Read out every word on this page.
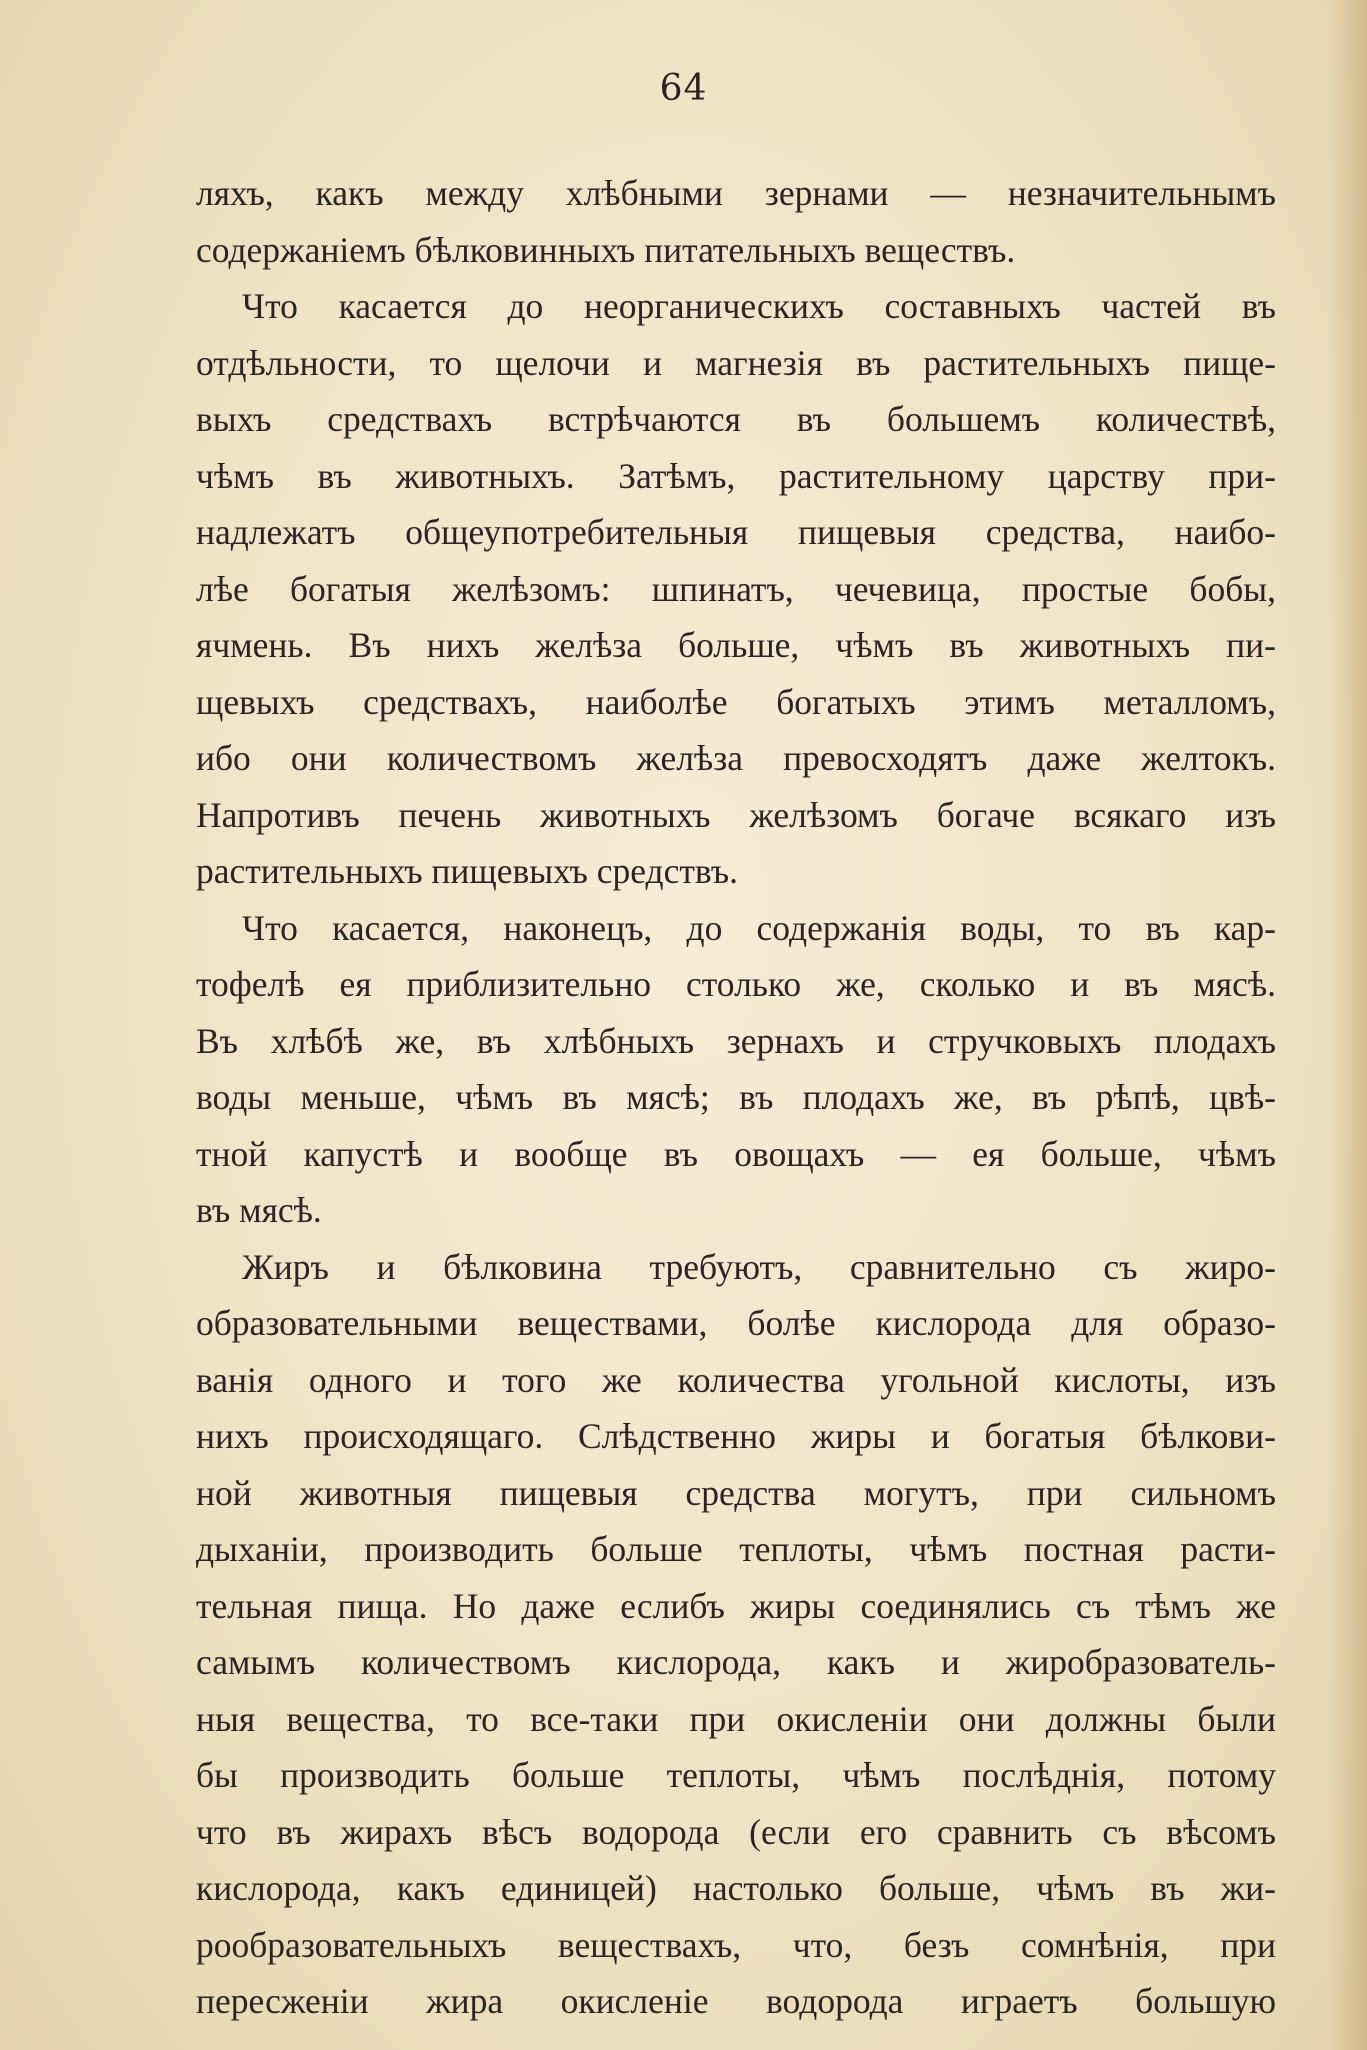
64
ляхъ, какъ между хлѣбными зернами — незначительнымъ
содержаніемъ бѣлковинныхъ питательныхъ веществъ.
Что касается до неорганическихъ составныхъ частей въ
отдѣльности, то щелочи и магнезія въ растительныхъ пище-
выхъ средствахъ встрѣчаются въ большемъ количествѣ,
чѣмъ въ животныхъ. Затѣмъ, растительному царству при-
надлежатъ общеупотребительныя пищевыя средства, наибо-
лѣе богатыя желѣзомъ: шпинатъ, чечевица, простые бобы,
ячмень. Въ нихъ желѣза больше, чѣмъ въ животныхъ пи-
щевыхъ средствахъ, наиболѣе богатыхъ этимъ металломъ,
ибо они количествомъ желѣза превосходятъ даже желтокъ.
Напротивъ печень животныхъ желѣзомъ богаче всякаго изъ
растительныхъ пищевыхъ средствъ.
Что касается, наконецъ, до содержанія воды, то въ кар-
тофелѣ ея приблизительно столько же, сколько и въ мясѣ.
Въ хлѣбѣ же, въ хлѣбныхъ зернахъ и стручковыхъ плодахъ
воды меньше, чѣмъ въ мясѣ; въ плодахъ же, въ рѣпѣ, цвѣ-
тной капустѣ и вообще въ овощахъ — ея больше, чѣмъ
въ мясѣ.
Жиръ и бѣлковина требуютъ, сравнительно съ жиро-
образовательными веществами, болѣе кислорода для образо-
ванія одного и того же количества угольной кислоты, изъ
нихъ происходящаго. Слѣдственно жиры и богатыя бѣлкови-
ной животныя пищевыя средства могутъ, при сильномъ
дыханіи, производить больше теплоты, чѣмъ постная расти-
тельная пища. Но даже еслибъ жиры соединялись съ тѣмъ же
самымъ количествомъ кислорода, какъ и жиробразователь-
ныя вещества, то все-таки при окисленіи они должны были
бы производить больше теплоты, чѣмъ послѣднія, потому
что въ жирахъ вѣсъ водорода (если его сравнить съ вѣсомъ
кислорода, какъ единицей) настолько больше, чѣмъ въ жи-
рообразовательныхъ веществахъ, что, безъ сомнѣнія, при
пересженіи жира окисленіе водорода играетъ большую
